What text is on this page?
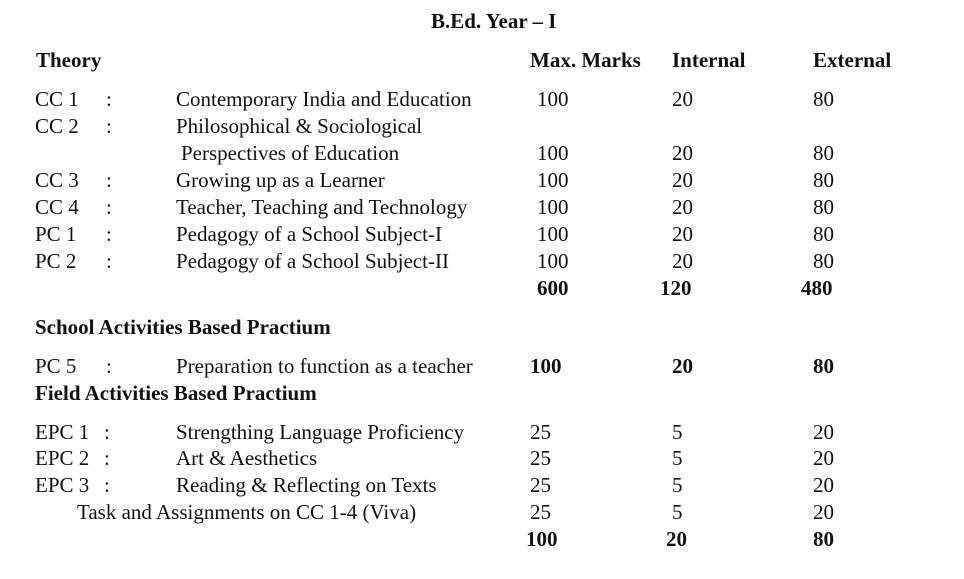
B.Ed. Year – I
Theory	Max. Marks Internal	External
CC 1 :	Contemporary India and Education	100	20	80
CC 2 :	Philosophical & Sociological
Perspectives of Education	100	20	80
CC 3 :	Growing up as a Learner	100	20	80
CC 4 :	Teacher, Teaching and Technology	100	20	80
PC 1 :	Pedagogy of a School Subject-I	100	20	80
PC 2 :	Pedagogy of a School Subject-II	100	20	80
600	120	480
School Activities Based Practium
PC 5 :	Preparation to function as a teacher	100	20	80
Field Activities Based Practium
EPC 1 :	Strengthing Language Proficiency	25	5	20
EPC 2 :	Art & Aesthetics	25	5	20
EPC 3 :	Reading & Reflecting on Texts	25	5	20
Task and Assignments on CC 1-4 (Viva)	25	5	20
100	20	80
